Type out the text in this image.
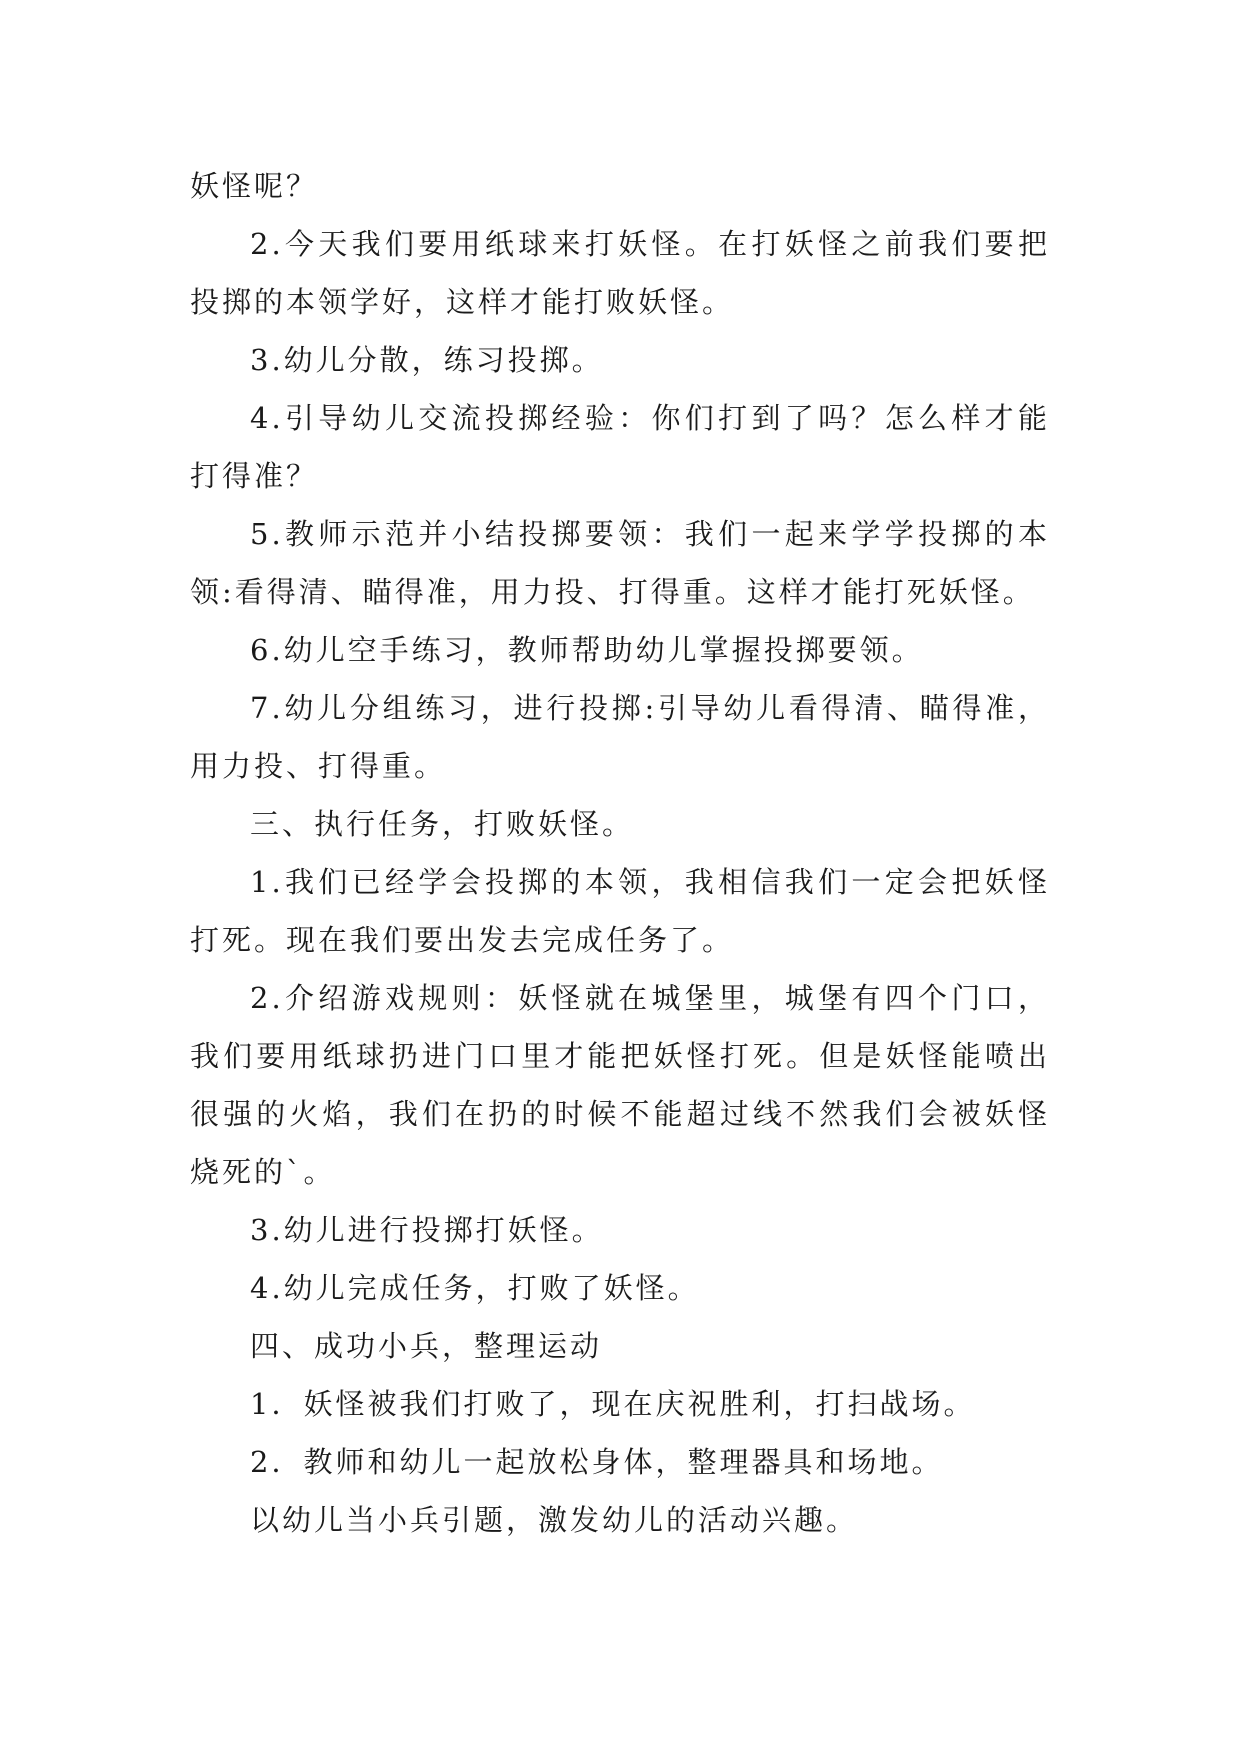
妖怪呢？

2.今天我们要用纸球来打妖怪。在打妖怪之前我们要把投掷的本领学好，这样才能打败妖怪。

3.幼儿分散，练习投掷。

4.引导幼儿交流投掷经验：你们打到了吗？怎么样才能打得准？

5.教师示范并小结投掷要领：我们一起来学学投掷的本领:看得清、瞄得准，用力投、打得重。这样才能打死妖怪。

6.幼儿空手练习，教师帮助幼儿掌握投掷要领。

7.幼儿分组练习，进行投掷:引导幼儿看得清、瞄得准，用力投、打得重。

三、执行任务，打败妖怪。

1.我们已经学会投掷的本领，我相信我们一定会把妖怪打死。现在我们要出发去完成任务了。

2.介绍游戏规则：妖怪就在城堡里，城堡有四个门口，我们要用纸球扔进门口里才能把妖怪打死。但是妖怪能喷出很强的火焰，我们在扔的时候不能超过线不然我们会被妖怪烧死的`。

3.幼儿进行投掷打妖怪。

4.幼儿完成任务，打败了妖怪。

四、成功小兵，整理运动

1．妖怪被我们打败了，现在庆祝胜利，打扫战场。

2．教师和幼儿一起放松身体，整理器具和场地。

以幼儿当小兵引题，激发幼儿的活动兴趣。
